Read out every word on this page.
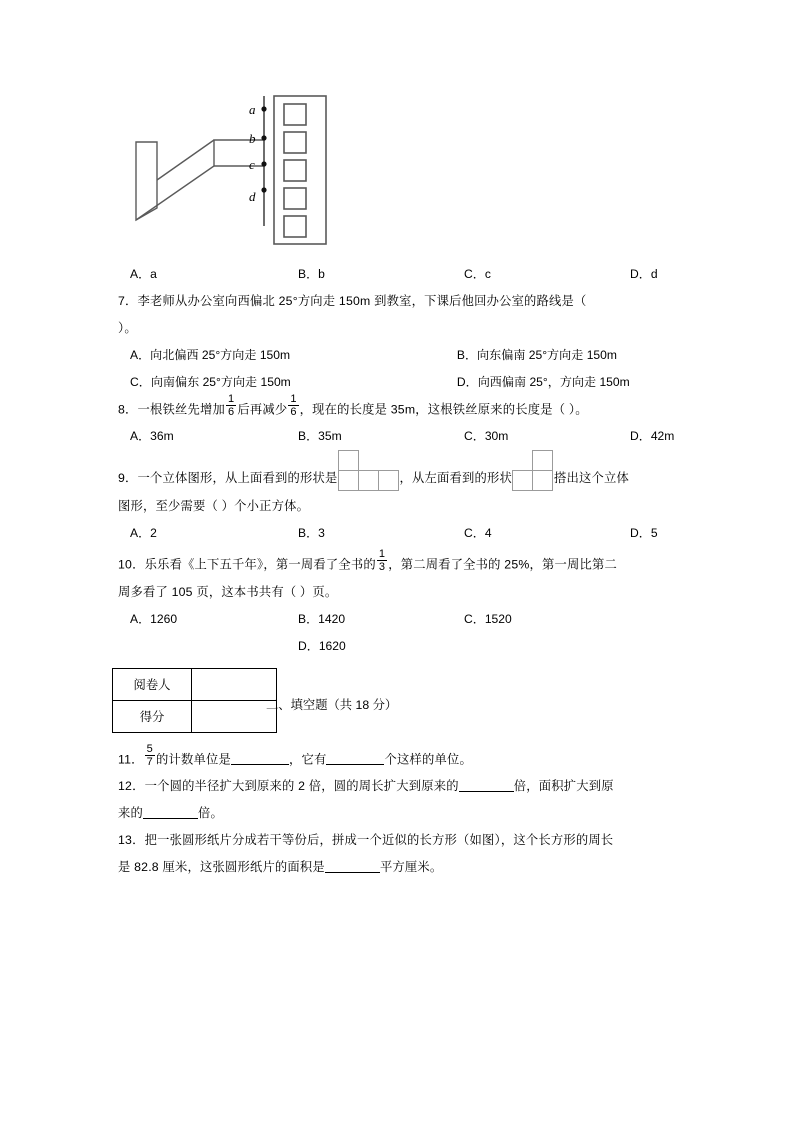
a
b
c
d
A．a	B．b	C．c	D．d
7．李老师从办公室向西偏北 25°方向走 150m 到教室，下课后他回办公室的路线是（
）。
A．向北偏西 25°方向走 150m	B．向东偏南 25°方向走 150m
C．向南偏东 25°方向走 150m	D．向西偏南 25°，方向走 150m
8．一根铁丝先增加 $\frac{1}{6}$ 后再减少 $\frac{1}{6}$ ，现在的长度是 35m，这根铁丝原来的长度是（ ）。
A．36m	B．35m	C．30m	D．42m
9．一个立体图形，从上面看到的形状是	，从左面看到的形状	搭出这个立体
图形，至少需要（ ）个小正方体。
A．2	B．3	C．4	D．5
10．乐乐看《上下五千年》，第一周看了全书的 $\frac{1}{3}$ ，第二周看了全书的 25%，第一周比第二
周多看了 105 页，这本书共有（ ）页。
A．1260	B．1420	C．1520
D．1620
阅卷人	
得分	
二、填空题（共 18 分）
11． $\frac{5}{7}$ 的计数单位是	，它有	个这样的单位。
12．一个圆的半径扩大到原来的 2 倍，圆的周长扩大到原来的	倍，面积扩大到原
来的	倍。
13．把一张圆形纸片分成若干等份后，拼成一个近似的长方形（如图），这个长方形的周长
是 82.8 厘米，这张圆形纸片的面积是	平方厘米。
